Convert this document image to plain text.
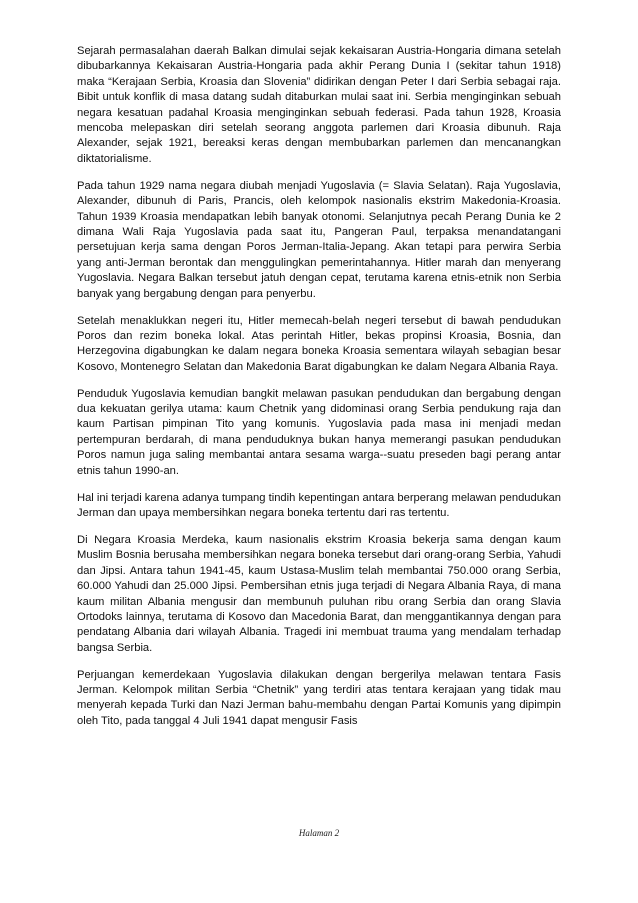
Sejarah permasalahan daerah Balkan dimulai sejak kekaisaran Austria-Hongaria dimana setelah dibubarkannya Kekaisaran Austria-Hongaria pada akhir Perang Dunia I (sekitar tahun 1918) maka “Kerajaan Serbia, Kroasia dan Slovenia” didirikan dengan Peter I dari Serbia sebagai raja. Bibit untuk konflik di masa datang sudah ditaburkan mulai saat ini. Serbia menginginkan sebuah negara kesatuan padahal Kroasia menginginkan sebuah federasi. Pada tahun 1928, Kroasia mencoba melepaskan diri setelah seorang anggota parlemen dari Kroasia dibunuh. Raja Alexander, sejak 1921, bereaksi keras dengan membubarkan parlemen dan mencanangkan diktatorialisme.

Pada tahun 1929 nama negara diubah menjadi Yugoslavia (= Slavia Selatan). Raja Yugoslavia, Alexander, dibunuh di Paris, Prancis, oleh kelompok nasionalis ekstrim Makedonia-Kroasia. Tahun 1939 Kroasia mendapatkan lebih banyak otonomi. Selanjutnya pecah Perang Dunia ke 2 dimana Wali Raja Yugoslavia pada saat itu, Pangeran Paul, terpaksa menandatangani persetujuan kerja sama dengan Poros Jerman-Italia-Jepang. Akan tetapi para perwira Serbia yang anti-Jerman berontak dan menggulingkan pemerintahannya. Hitler marah dan menyerang Yugoslavia. Negara Balkan tersebut jatuh dengan cepat, terutama karena etnis-etnik non Serbia banyak yang bergabung dengan para penyerbu.

Setelah menaklukkan negeri itu, Hitler memecah-belah negeri tersebut di bawah pendudukan Poros dan rezim boneka lokal. Atas perintah Hitler, bekas propinsi Kroasia, Bosnia, dan Herzegovina digabungkan ke dalam negara boneka Kroasia sementara wilayah sebagian besar Kosovo, Montenegro Selatan dan Makedonia Barat digabungkan ke dalam Negara Albania Raya.

Penduduk Yugoslavia kemudian bangkit melawan pasukan pendudukan dan bergabung dengan dua kekuatan gerilya utama: kaum Chetnik yang didominasi orang Serbia pendukung raja dan kaum Partisan pimpinan Tito yang komunis. Yugoslavia pada masa ini menjadi medan pertempuran berdarah, di mana penduduknya bukan hanya memerangi pasukan pendudukan Poros namun juga saling membantai antara sesama warga--suatu preseden bagi perang antar etnis tahun 1990-an.

Hal ini terjadi karena adanya tumpang tindih kepentingan antara berperang melawan pendudukan Jerman dan upaya membersihkan negara boneka tertentu dari ras tertentu.

Di Negara Kroasia Merdeka, kaum nasionalis ekstrim Kroasia bekerja sama dengan kaum Muslim Bosnia berusaha membersihkan negara boneka tersebut dari orang-orang Serbia, Yahudi dan Jipsi. Antara tahun 1941-45, kaum Ustasa-Muslim telah membantai 750.000 orang Serbia, 60.000 Yahudi dan 25.000 Jipsi. Pembersihan etnis juga terjadi di Negara Albania Raya, di mana kaum militan Albania mengusir dan membunuh puluhan ribu orang Serbia dan orang Slavia Ortodoks lainnya, terutama di Kosovo dan Macedonia Barat, dan menggantikannya dengan para pendatang Albania dari wilayah Albania. Tragedi ini membuat trauma yang mendalam terhadap bangsa Serbia.

Perjuangan kemerdekaan Yugoslavia dilakukan dengan bergerilya melawan tentara Fasis Jerman. Kelompok militan Serbia “Chetnik” yang terdiri atas tentara kerajaan yang tidak mau menyerah kepada Turki dan Nazi Jerman bahu-membahu dengan Partai Komunis yang dipimpin oleh Tito, pada tanggal 4 Juli 1941 dapat mengusir Fasis

Halaman 2
